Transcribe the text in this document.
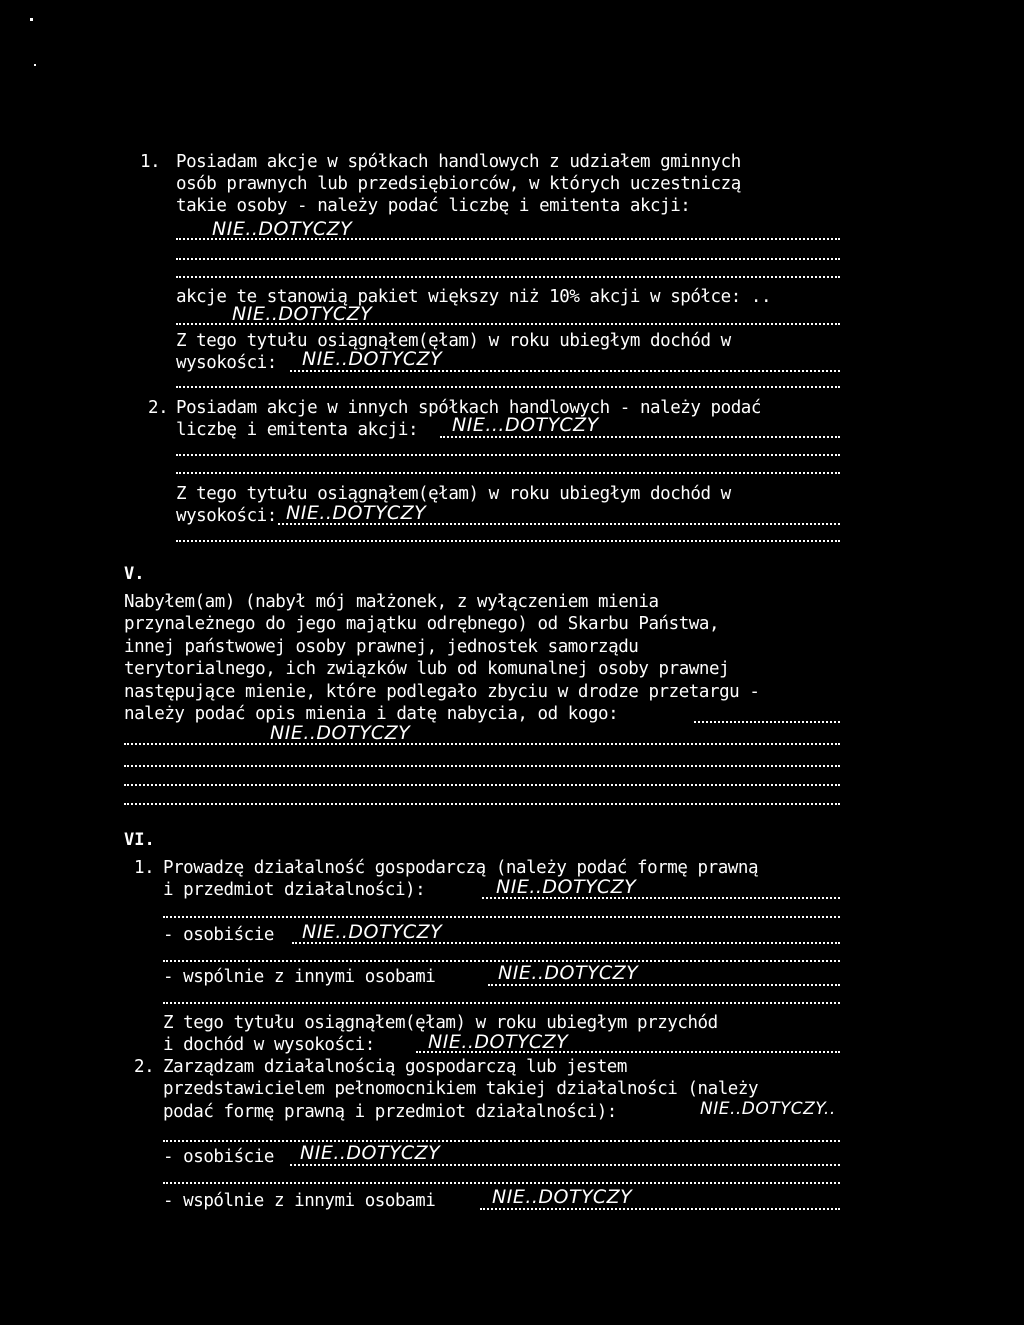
1. Posiadam akcje w spółkach handlowych z udziałem gminnych
osób prawnych lub przedsiębiorców, w których uczestniczą
takie osoby - należy podać liczbę i emitenta akcji:
NIE..DOTYCZY
akcje te stanowią pakiet większy niż 10% akcji w spółce: ..
NIE..DOTYCZY
Z tego tytułu osiągnąłem(ęłam) w roku ubiegłym dochód w
wysokości: NIE..DOTYCZY
2. Posiadam akcje w innych spółkach handlowych - należy podać
liczbę i emitenta akcji: NIE...DOTYCZY
Z tego tytułu osiągnąłem(ęłam) w roku ubiegłym dochód w
wysokości: NIE..DOTYCZY
V.
Nabyłem(am) (nabył mój małżonek, z wyłączeniem mienia
przynależnego do jego majątku odrębnego) od Skarbu Państwa,
innej państwowej osoby prawnej, jednostek samorządu
terytorialnego, ich związków lub od komunalnej osoby prawnej
następujące mienie, które podlegało zbyciu w drodze przetargu -
należy podać opis mienia i datę nabycia, od kogo:
NIE..DOTYCZY
VI.
1. Prowadzę działalność gospodarczą (należy podać formę prawną
i przedmiot działalności):	NIE..DOTYCZY
- osobiście NIE..DOTYCZY
- wspólnie z innymi osobami	NIE..DOTYCZY
Z tego tytułu osiągnąłem(ęłam) w roku ubiegłym przychód
i dochód w wysokości:	NIE..DOTYCZY
2. Zarządzam działalnością gospodarczą lub jestem
przedstawicielem pełnomocnikiem takiej działalności (należy
podać formę prawną i przedmiot działalności):	NIE..DOTYCZY..
- osobiście NIE..DOTYCZY
- wspólnie z innymi osobami	NIE..DOTYCZY
